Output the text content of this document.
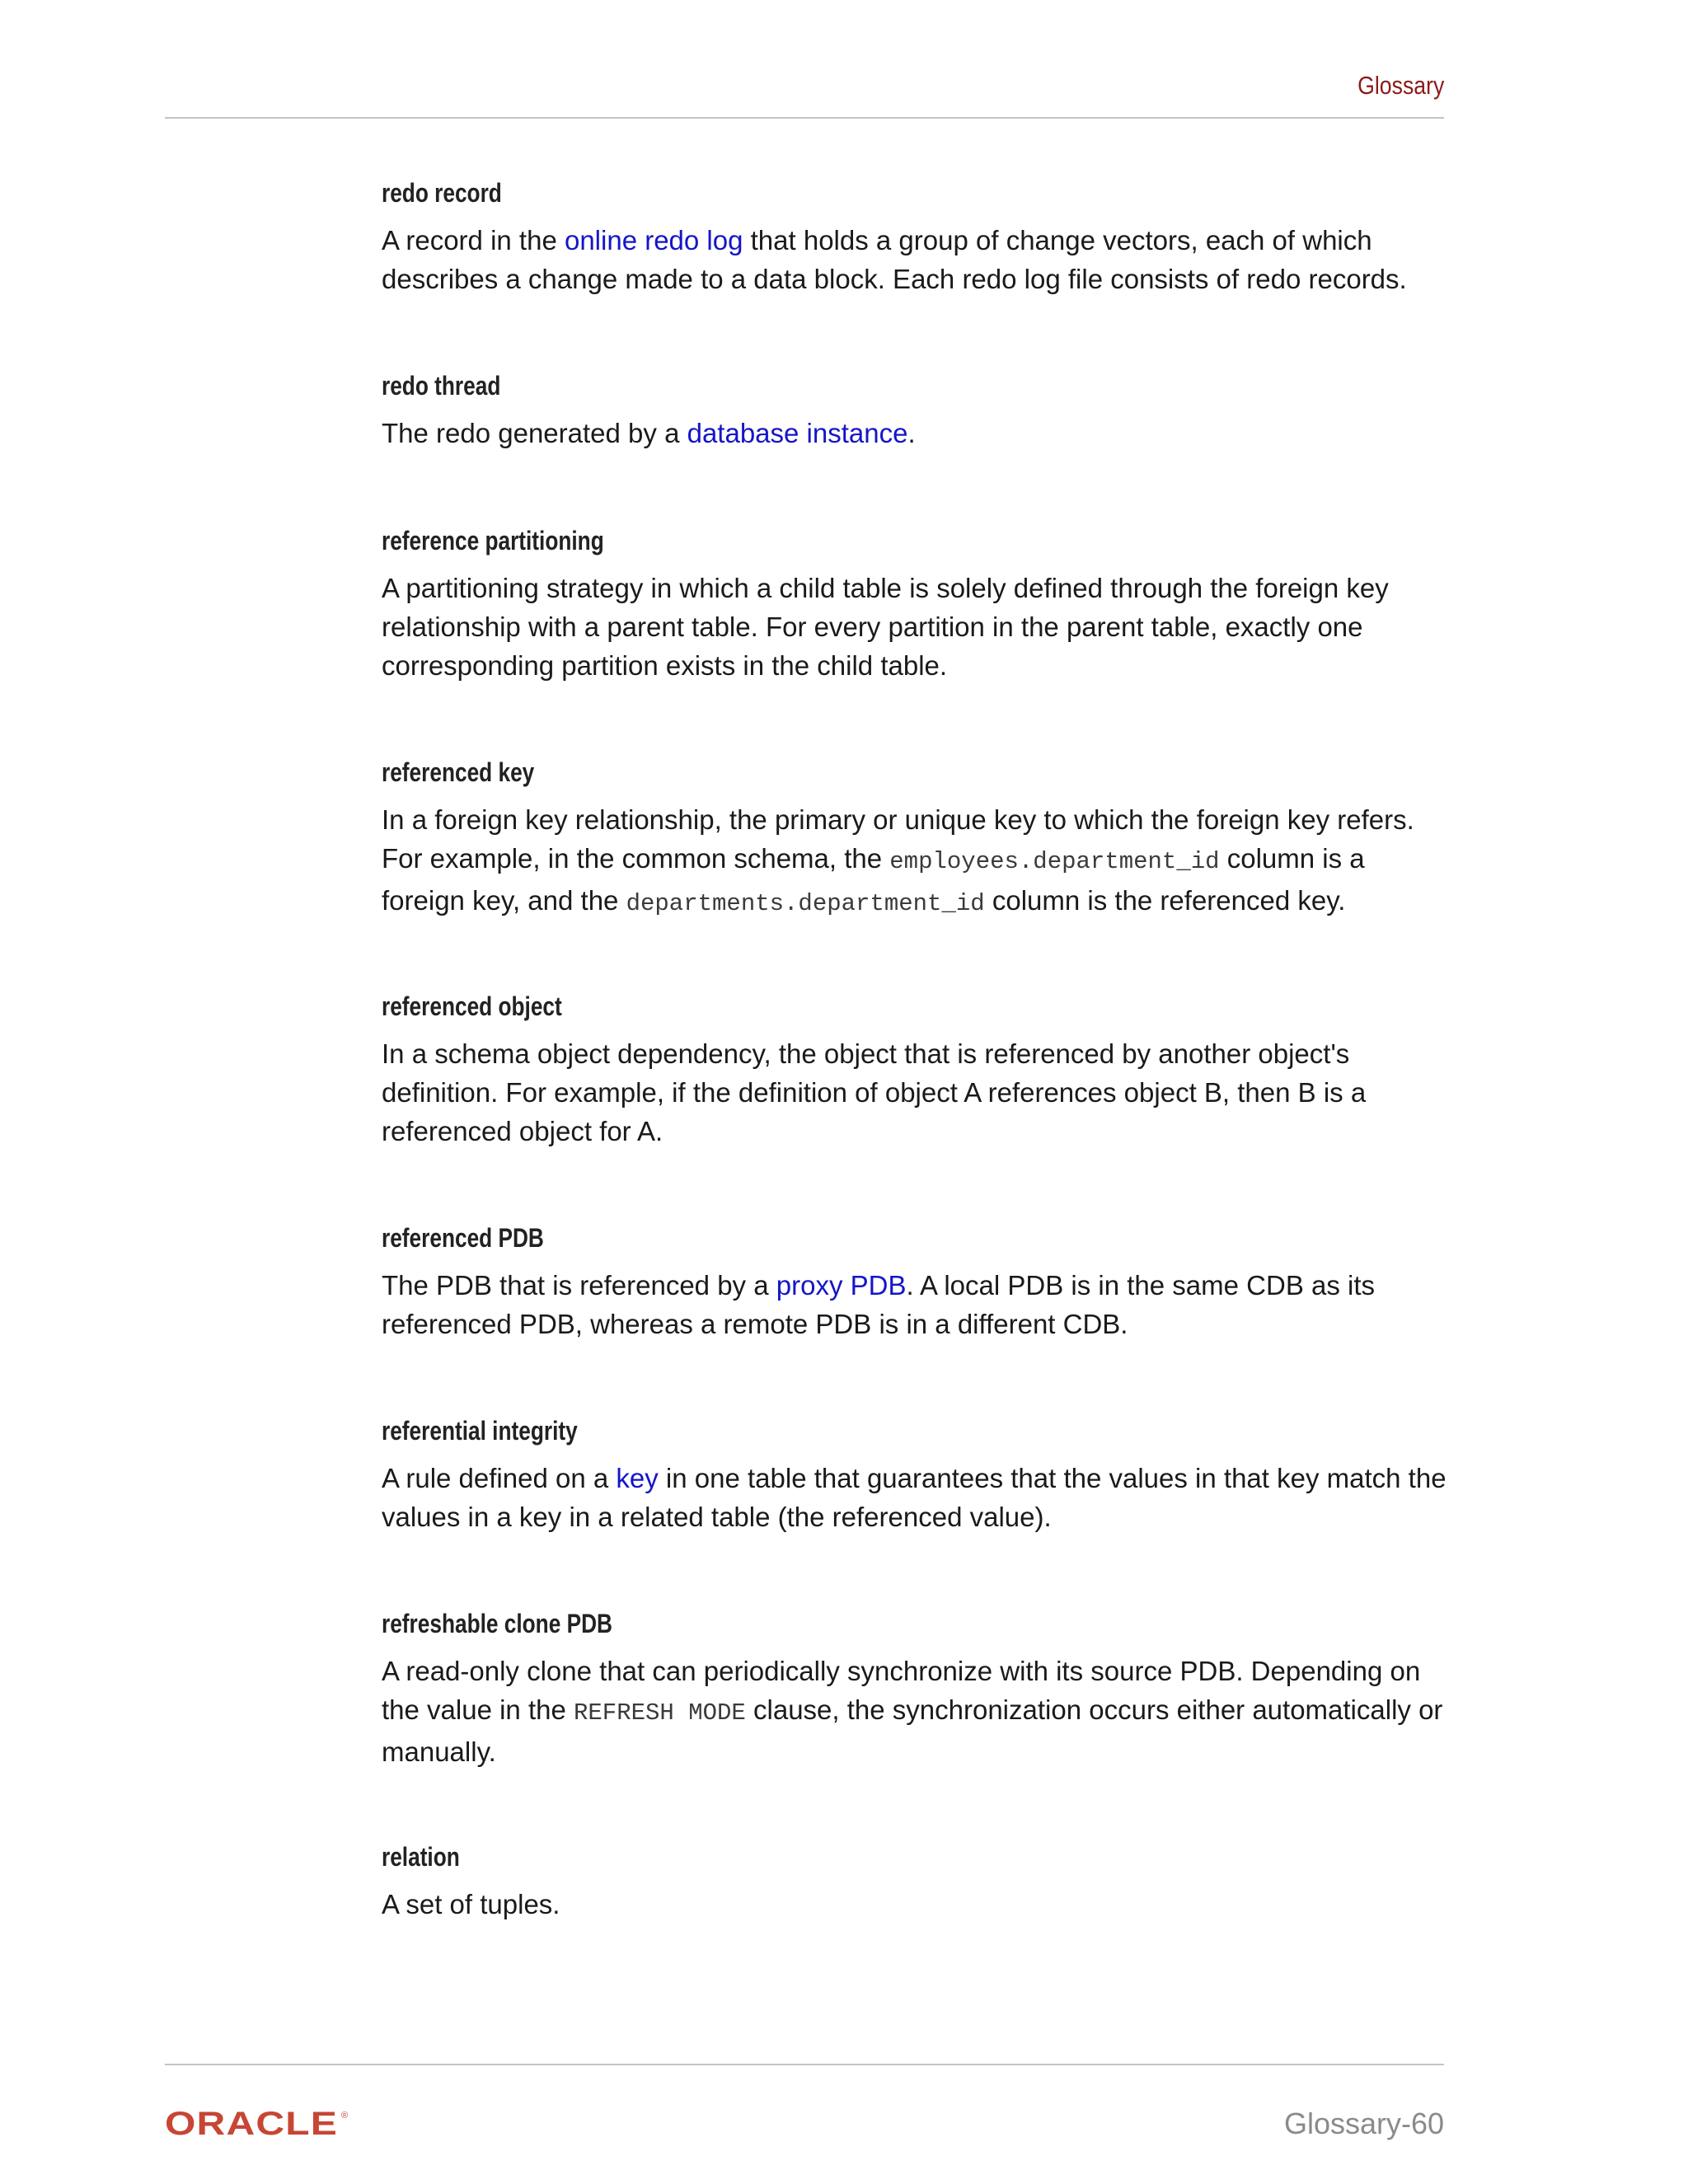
Glossary
redo record
A record in the online redo log that holds a group of change vectors, each of which describes a change made to a data block. Each redo log file consists of redo records.
redo thread
The redo generated by a database instance.
reference partitioning
A partitioning strategy in which a child table is solely defined through the foreign key relationship with a parent table. For every partition in the parent table, exactly one corresponding partition exists in the child table.
referenced key
In a foreign key relationship, the primary or unique key to which the foreign key refers. For example, in the common schema, the employees.department_id column is a foreign key, and the departments.department_id column is the referenced key.
referenced object
In a schema object dependency, the object that is referenced by another object's definition. For example, if the definition of object A references object B, then B is a referenced object for A.
referenced PDB
The PDB that is referenced by a proxy PDB. A local PDB is in the same CDB as its referenced PDB, whereas a remote PDB is in a different CDB.
referential integrity
A rule defined on a key in one table that guarantees that the values in that key match the values in a key in a related table (the referenced value).
refreshable clone PDB
A read-only clone that can periodically synchronize with its source PDB. Depending on the value in the REFRESH MODE clause, the synchronization occurs either automatically or manually.
relation
A set of tuples.
ORACLE ®	Glossary-60
